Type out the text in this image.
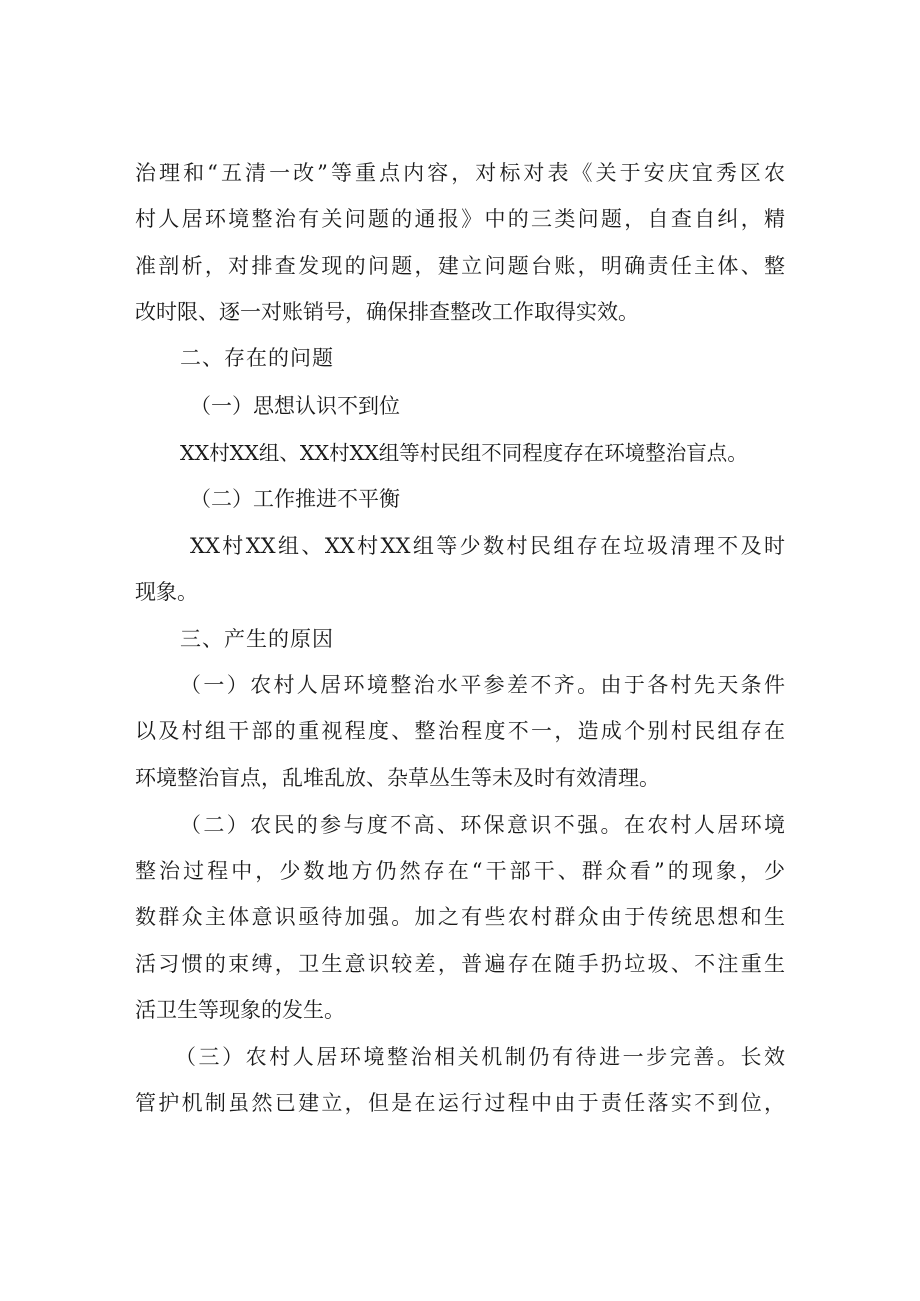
治理和“五清一改”等重点内容，对标对表《关于安庆宜秀区农

村人居环境整治有关问题的通报》中的三类问题，自查自纠，精

准剖析，对排查发现的问题，建立问题台账，明确责任主体、整

改时限、逐一对账销号，确保排查整改工作取得实效。

二、存在的问题

（一）思想认识不到位

XX村XX组、XX村XX组等村民组不同程度存在环境整治盲点。

（二）工作推进不平衡

XX村XX组、XX村XX组等少数村民组存在垃圾清理不及时

现象。

三、产生的原因

（一）农村人居环境整治水平参差不齐。由于各村先天条件

以及村组干部的重视程度、整治程度不一，造成个别村民组存在

环境整治盲点，乱堆乱放、杂草丛生等未及时有效清理。

（二）农民的参与度不高、环保意识不强。在农村人居环境

整治过程中，少数地方仍然存在“干部干、群众看”的现象，少

数群众主体意识亟待加强。加之有些农村群众由于传统思想和生

活习惯的束缚，卫生意识较差，普遍存在随手扔垃圾、不注重生

活卫生等现象的发生。

（三）农村人居环境整治相关机制仍有待进一步完善。长效

管护机制虽然已建立，但是在运行过程中由于责任落实不到位，
